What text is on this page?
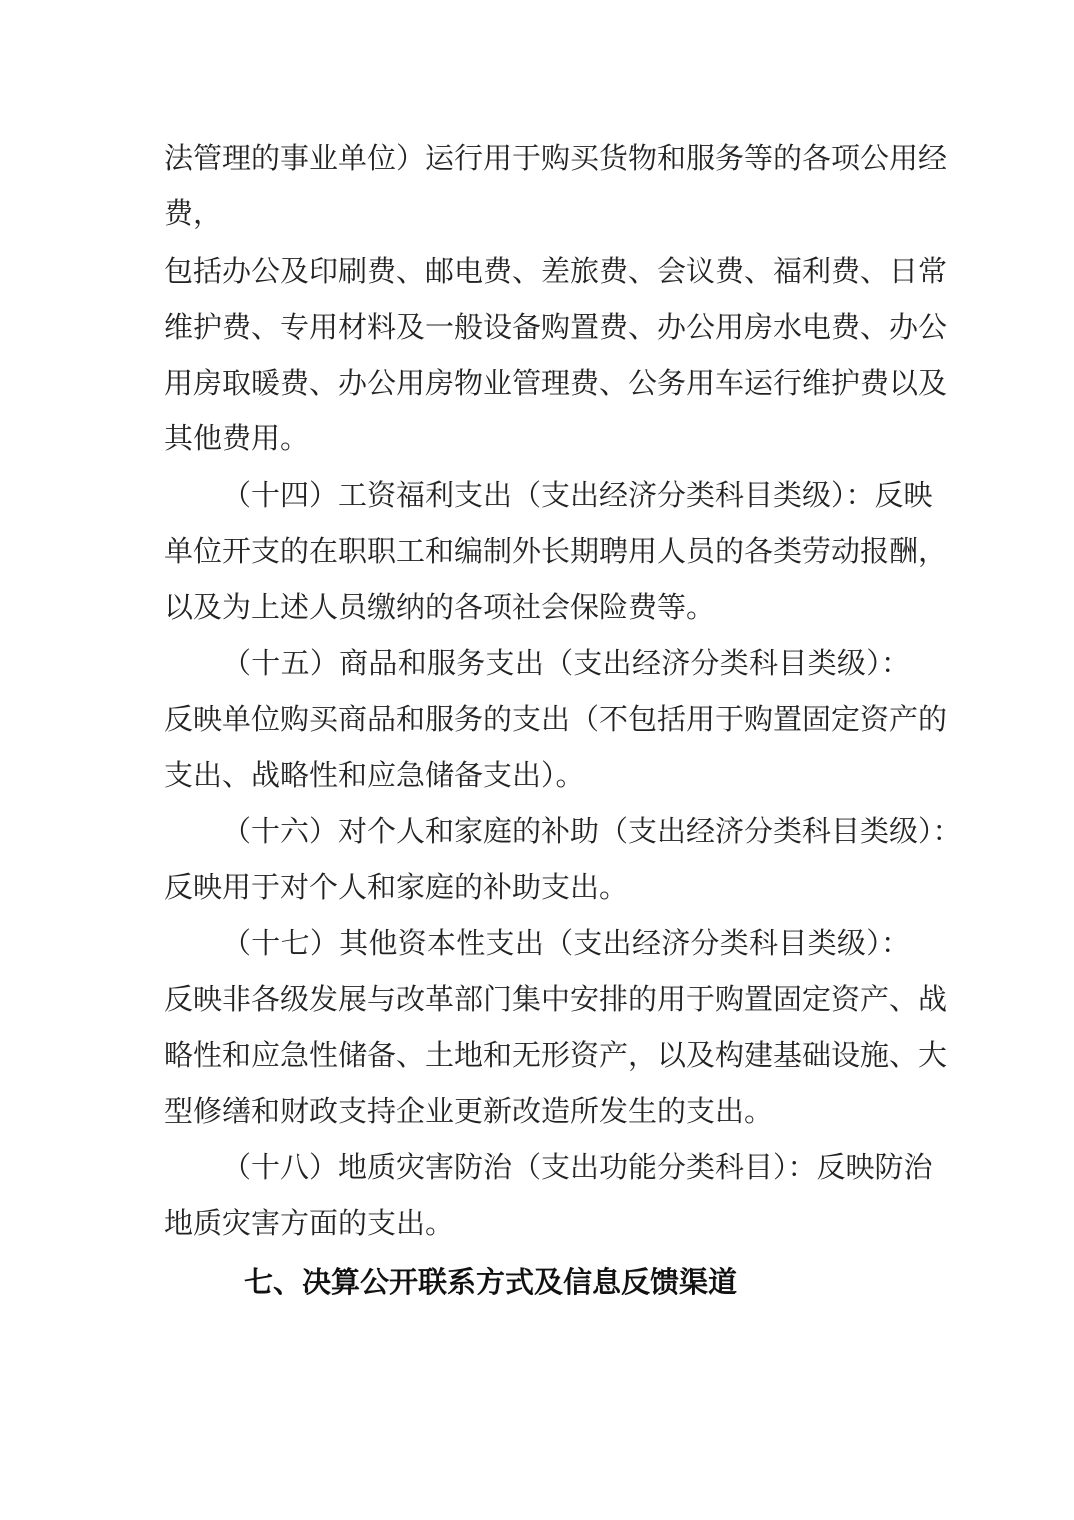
法管理的事业单位）运行用于购买货物和服务等的各项公用经
费，
包括办公及印刷费、邮电费、差旅费、会议费、福利费、日常
维护费、专用材料及一般设备购置费、办公用房水电费、办公
用房取暖费、办公用房物业管理费、公务用车运行维护费以及
其他费用。
（十四）工资福利支出（支出经济分类科目类级）：反映
单位开支的在职职工和编制外长期聘用人员的各类劳动报酬，
以及为上述人员缴纳的各项社会保险费等。
（十五）商品和服务支出（支出经济分类科目类级）：
反映单位购买商品和服务的支出（不包括用于购置固定资产的
支出、战略性和应急储备支出）。
（十六）对个人和家庭的补助（支出经济分类科目类级）：
反映用于对个人和家庭的补助支出。
（十七）其他资本性支出（支出经济分类科目类级）：
反映非各级发展与改革部门集中安排的用于购置固定资产、战
略性和应急性储备、土地和无形资产，以及构建基础设施、大
型修缮和财政支持企业更新改造所发生的支出。
（十八）地质灾害防治（支出功能分类科目）：反映防治
地质灾害方面的支出。
七、决算公开联系方式及信息反馈渠道
